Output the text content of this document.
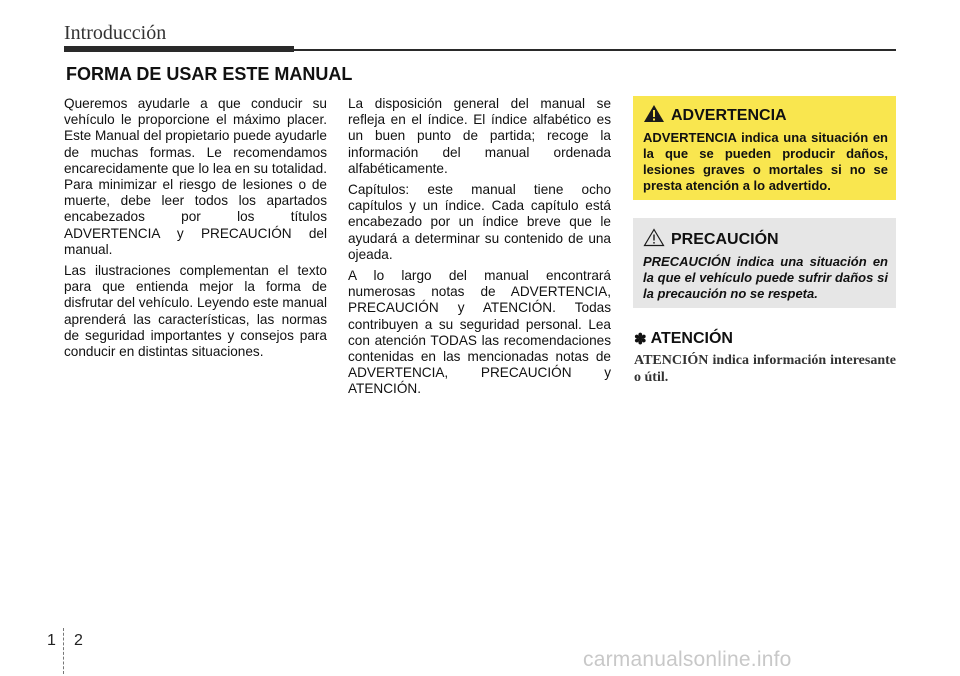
Introducción
FORMA DE USAR ESTE MANUAL

Queremos ayudarle a que conducir su vehículo le proporcione el máximo placer. Este Manual del propietario puede ayudarle de muchas formas. Le recomendamos encarecidamente que lo lea en su totalidad. Para minimizar el riesgo de lesiones o de muerte, debe leer todos los apartados encabezados por los títulos ADVERTENCIA y PRECAUCIÓN del manual.

Las ilustraciones complementan el texto para que entienda mejor la forma de disfrutar del vehículo. Leyendo este manual aprenderá las características, las normas de seguridad importantes y consejos para conducir en distintas situaciones.

La disposición general del manual se refleja en el índice. El índice alfabético es un buen punto de partida; recoge la información del manual ordenada alfabéticamente.

Capítulos: este manual tiene ocho capítulos y un índice. Cada capítulo está encabezado por un índice breve que le ayudará a determinar su contenido de una ojeada.

A lo largo del manual encontrará numerosas notas de ADVERTENCIA, PRECAUCIÓN y ATENCIÓN. Todas contribuyen a su seguridad personal. Lea con atención TODAS las recomendaciones contenidas en las mencionadas notas de ADVERTENCIA, PRECAUCIÓN y ATENCIÓN.

ADVERTENCIA
ADVERTENCIA indica una situación en la que se pueden producir daños, lesiones graves o mortales si no se presta atención a lo advertido.
PRECAUCIÓN
PRECAUCIÓN indica una situación en la que el vehículo puede sufrir daños si la precaución no se respeta.
✽ ATENCIÓN
ATENCIÓN indica información interesante o útil.
1 2
carmanualsonline.info
